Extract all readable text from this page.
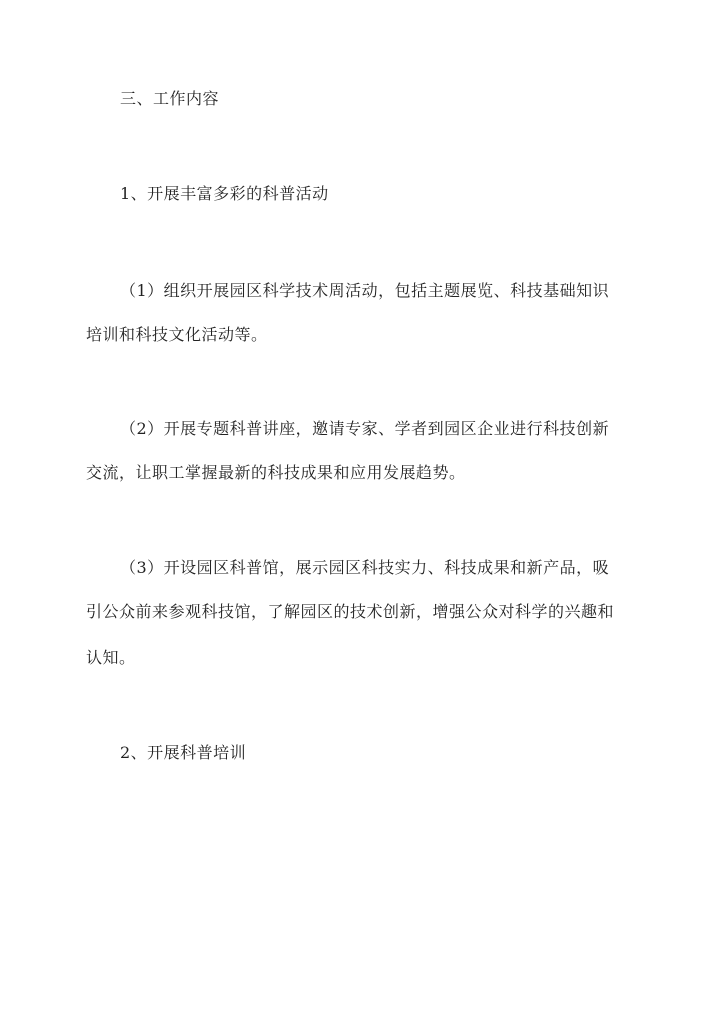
三、工作内容
1、开展丰富多彩的科普活动
（1）组织开展园区科学技术周活动，包括主题展览、科技基础知识
培训和科技文化活动等。
（2）开展专题科普讲座，邀请专家、学者到园区企业进行科技创新
交流，让职工掌握最新的科技成果和应用发展趋势。
（3）开设园区科普馆，展示园区科技实力、科技成果和新产品，吸
引公众前来参观科技馆，了解园区的技术创新，增强公众对科学的兴趣和
认知。
2、开展科普培训
